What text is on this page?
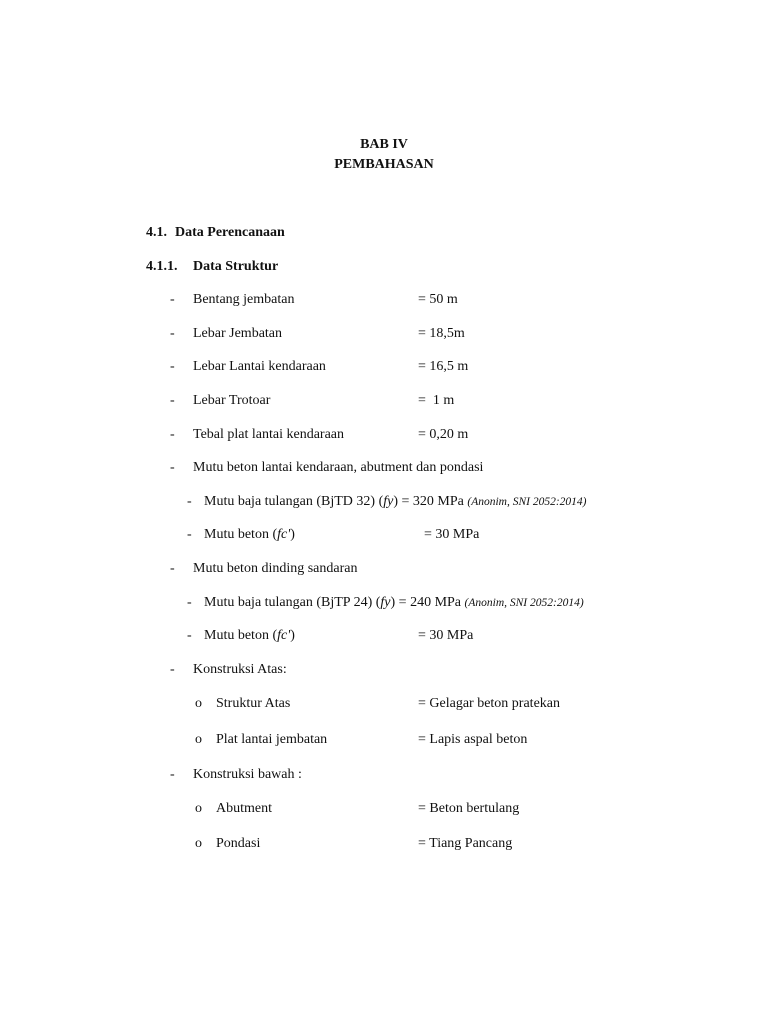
BAB IV
PEMBAHASAN
4.1. Data Perencanaan
4.1.1. Data Struktur
- Bentang jembatan	= 50 m
- Lebar Jembatan	= 18,5m
- Lebar Lantai kendaraan	= 16,5 m
- Lebar Trotoar	=  1 m
- Tebal plat lantai kendaraan	= 0,20 m
- Mutu beton lantai kendaraan, abutment dan pondasi
- Mutu baja tulangan (BjTD 32) (fy) = 320 MPa (Anonim, SNI 2052:2014)
- Mutu beton (fc')	= 30 MPa
- Mutu beton dinding sandaran
- Mutu baja tulangan (BjTP 24) (fy) = 240 MPa (Anonim, SNI 2052:2014)
- Mutu beton (fc')	= 30 MPa
- Konstruksi Atas:
o Struktur Atas	= Gelagar beton pratekan
o Plat lantai jembatan	= Lapis aspal beton
- Konstruksi bawah :
o Abutment	= Beton bertulang
o Pondasi	= Tiang Pancang
